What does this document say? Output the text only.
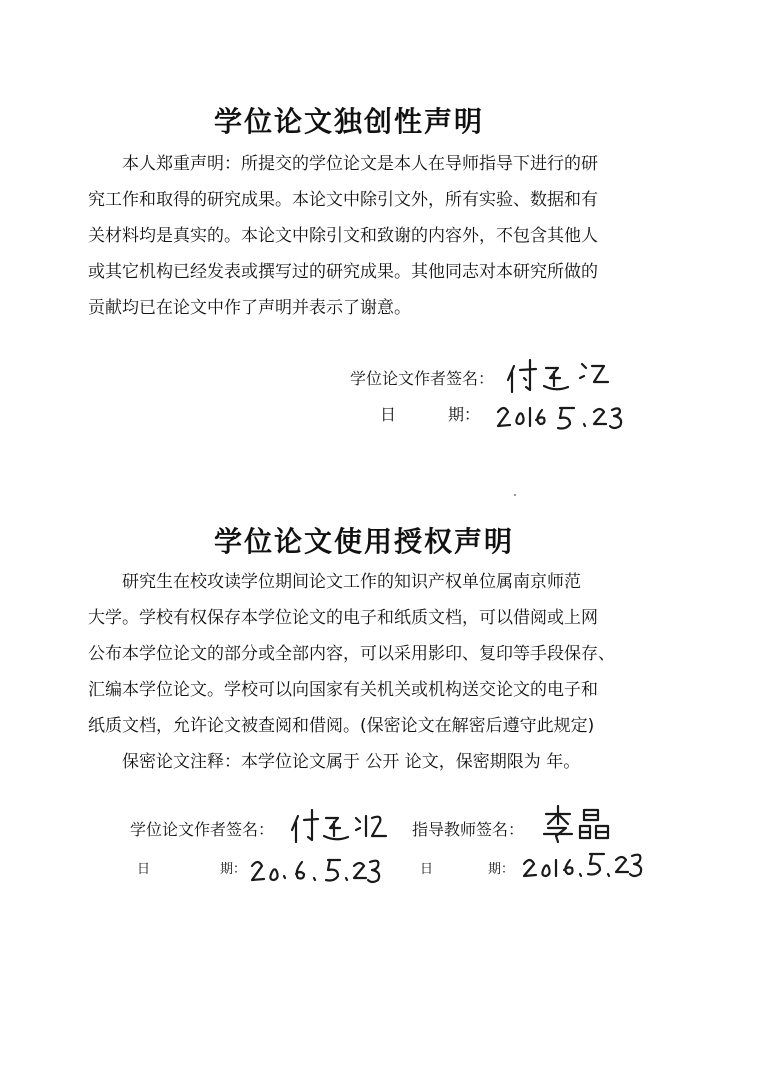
学位论文独创性声明

本人郑重声明：所提交的学位论文是本人在导师指导下进行的研

究工作和取得的研究成果。本论文中除引文外，所有实验、数据和有

关材料均是真实的。本论文中除引文和致谢的内容外，不包含其他人

或其它机构已经发表或撰写过的研究成果。其他同志对本研究所做的

贡献均已在论文中作了声明并表示了谢意。

学位论文作者签名：
日	期：
学位论文使用授权声明

研究生在校攻读学位期间论文工作的知识产权单位属南京师范

大学。学校有权保存本学位论文的电子和纸质文档，可以借阅或上网

公布本学位论文的部分或全部内容，可以采用影印、复印等手段保存、

汇编本学位论文。学校可以向国家有关机关或机构送交论文的电子和

纸质文档，允许论文被查阅和借阅。(保密论文在解密后遵守此规定)

保密论文注释：本学位论文属于 公开 论文，保密期限为 年。

学位论文作者签名：	指导教师签名：
日	期：	日	期：
